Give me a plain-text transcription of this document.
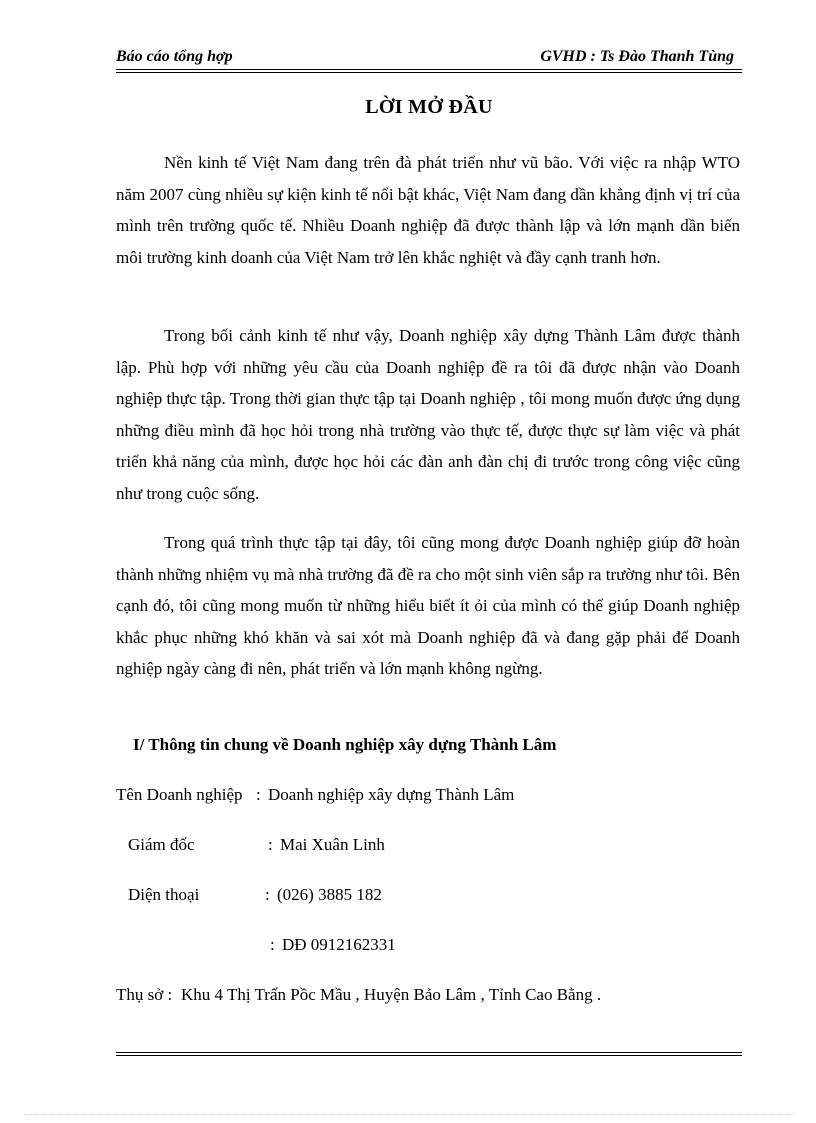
Báo cáo tổng hợp	GVHD : Ts Đào Thanh Tùng
LỜI MỞ ĐẦU

Nền kinh tế Việt Nam đang trên đà phát triển như vũ bão. Với việc ra nhập WTO năm 2007 cùng nhiều sự kiện kinh tế nổi bật khác, Việt Nam đang dần khẳng định vị trí của mình trên trường quốc tế. Nhiều Doanh nghiệp đã được thành lập và lớn mạnh dần biến môi trường kinh doanh của Việt Nam trở lên khắc nghiệt và đầy cạnh tranh hơn.

Trong bối cảnh kinh tế như vậy, Doanh nghiệp xây dựng Thành Lâm được thành lập. Phù hợp với những yêu cầu của Doanh nghiệp đề ra tôi đã được nhận vào Doanh nghiệp thực tập. Trong thời gian thực tập tại Doanh nghiệp , tôi mong muốn được ứng dụng những điều mình đã học hỏi trong nhà trường vào thực tế, được thực sự làm việc và phát triển khả năng của mình, được học hỏi các đàn anh đàn chị đi trước trong công việc cũng như trong cuộc sống.

Trong quá trình thực tập tại đây, tôi cũng mong được Doanh nghiệp giúp đỡ hoàn thành những nhiệm vụ mà nhà trường đã đề ra cho một sinh viên sắp ra trường như tôi. Bên cạnh đó, tôi cũng mong muốn từ những hiểu biết ít ỏi của mình có thể giúp Doanh nghiệp khắc phục những khó khăn và sai xót mà Doanh nghiệp đã và đang gặp phải để Doanh nghiệp ngày càng đi nên, phát triển và lớn mạnh không ngừng.

I/ Thông tin chung về Doanh nghiệp xây dựng Thành Lâm
Tên Doanh nghiệp : Doanh nghiệp xây dựng Thành Lâm
Giám đốc	: Mai Xuân Linh
Diện thoại	: (026) 3885 182
: DĐ 0912162331
Thụ sở : Khu 4 Thị Trấn Pồc Mầu , Huyện Bảo Lâm , Tỉnh Cao Bằng .
